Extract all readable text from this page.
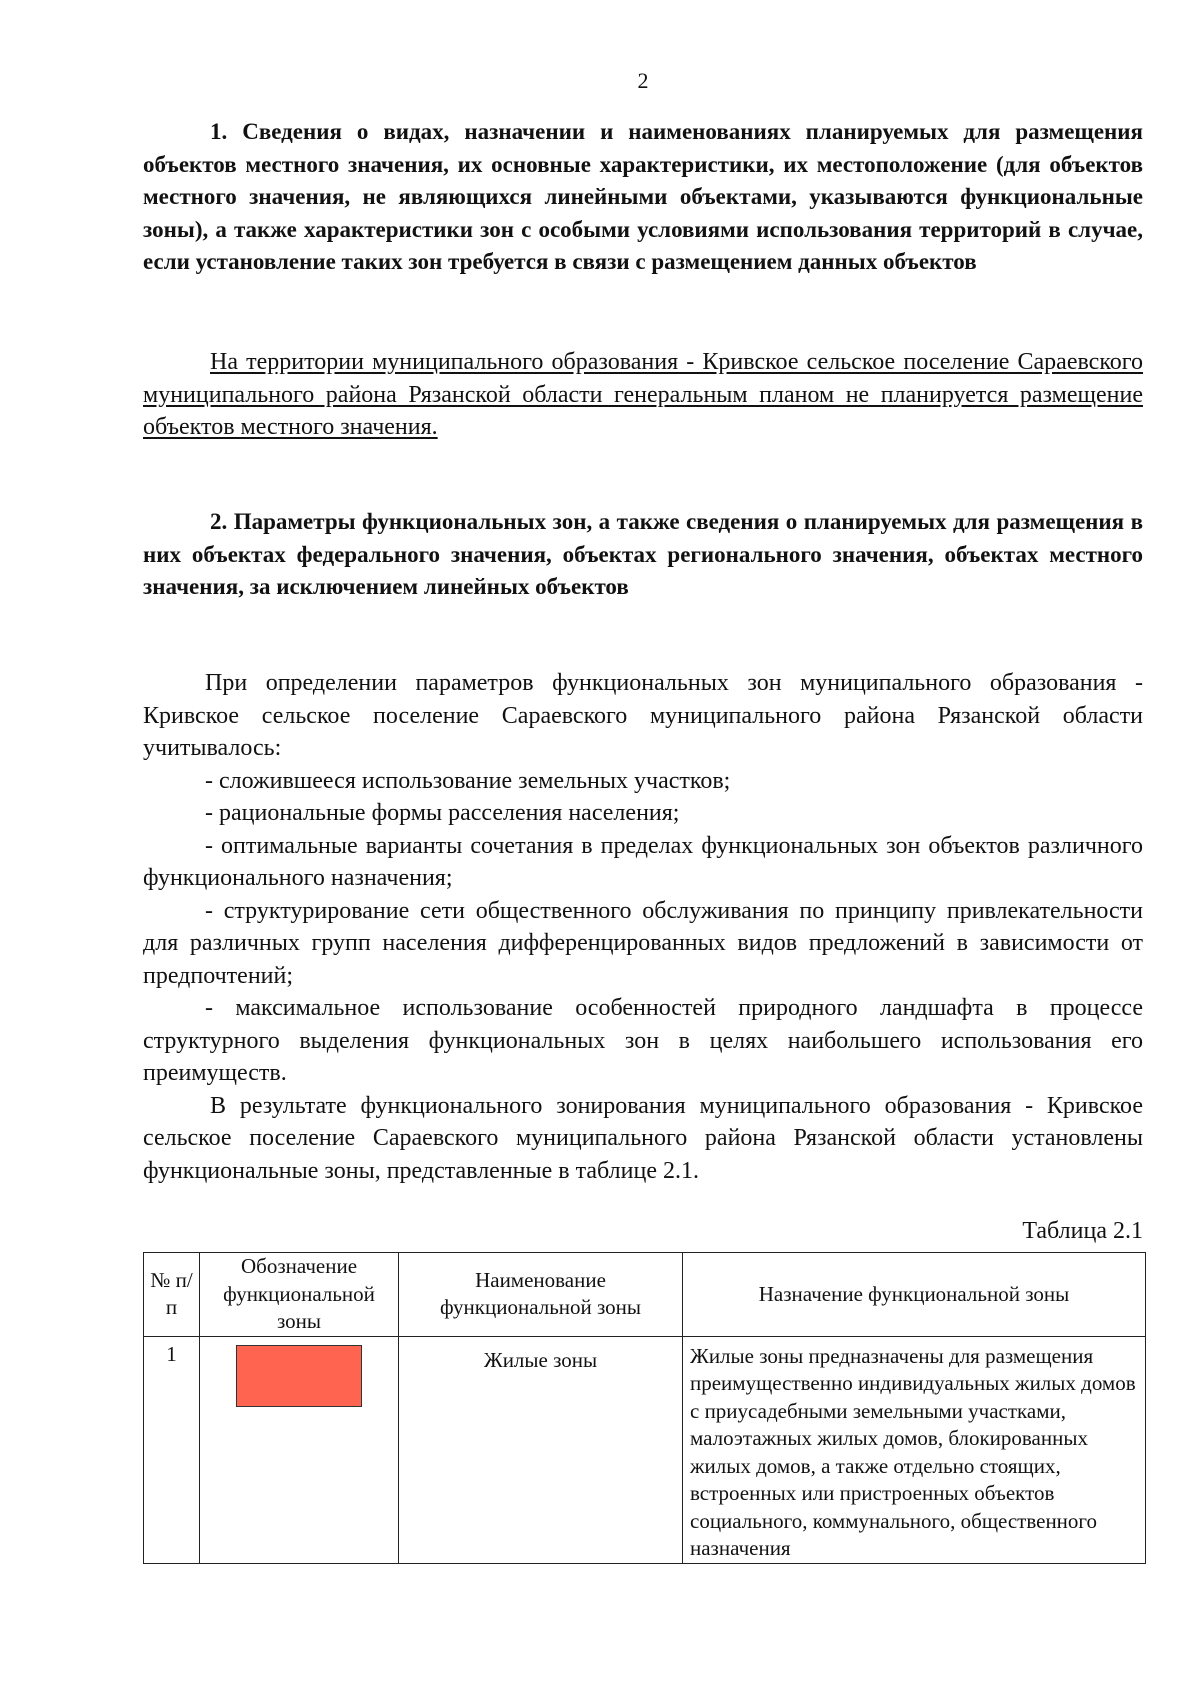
2

1. Сведения о видах, назначении и наименованиях планируемых для размещения объектов местного значения, их основные характеристики, их местоположение (для объектов местного значения, не являющихся линейными объектами, указываются функциональные зоны), а также характеристики зон с особыми условиями использования территорий в случае, если установление таких зон требуется в связи с размещением данных объектов

На территории муниципального образования - Кривское сельское поселение Сараевского муниципального района Рязанской области генеральным планом не планируется размещение объектов местного значения.

2. Параметры функциональных зон, а также сведения о планируемых для размещения в них объектах федерального значения, объектах регионального значения, объектах местного значения, за исключением линейных объектов

При определении параметров функциональных зон муниципального образования - Кривское сельское поселение Сараевского муниципального района Рязанской области учитывалось:
- сложившееся использование земельных участков;
- рациональные формы расселения населения;
- оптимальные варианты сочетания в пределах функциональных зон объектов различного функционального назначения;
- структурирование сети общественного обслуживания по принципу привлекательности для различных групп населения дифференцированных видов предложений в зависимости от предпочтений;
- максимальное использование особенностей природного ландшафта в процессе структурного выделения функциональных зон в целях наибольшего использования его преимуществ.
В результате функционального зонирования муниципального образования - Кривское сельское поселение Сараевского муниципального района Рязанской области установлены функциональные зоны, представленные в таблице 2.1.
Таблица 2.1
№ п/п	Обозначение функциональной зоны	Наименование функциональной зоны	Назначение функциональной зоны
1		Жилые зоны	Жилые зоны предназначены для размещения преимущественно индивидуальных жилых домов с приусадебными земельными участками, малоэтажных жилых домов, блокированных жилых домов, а также отдельно стоящих, встроенных или пристроенных объектов социального, коммунального, общественного назначения
